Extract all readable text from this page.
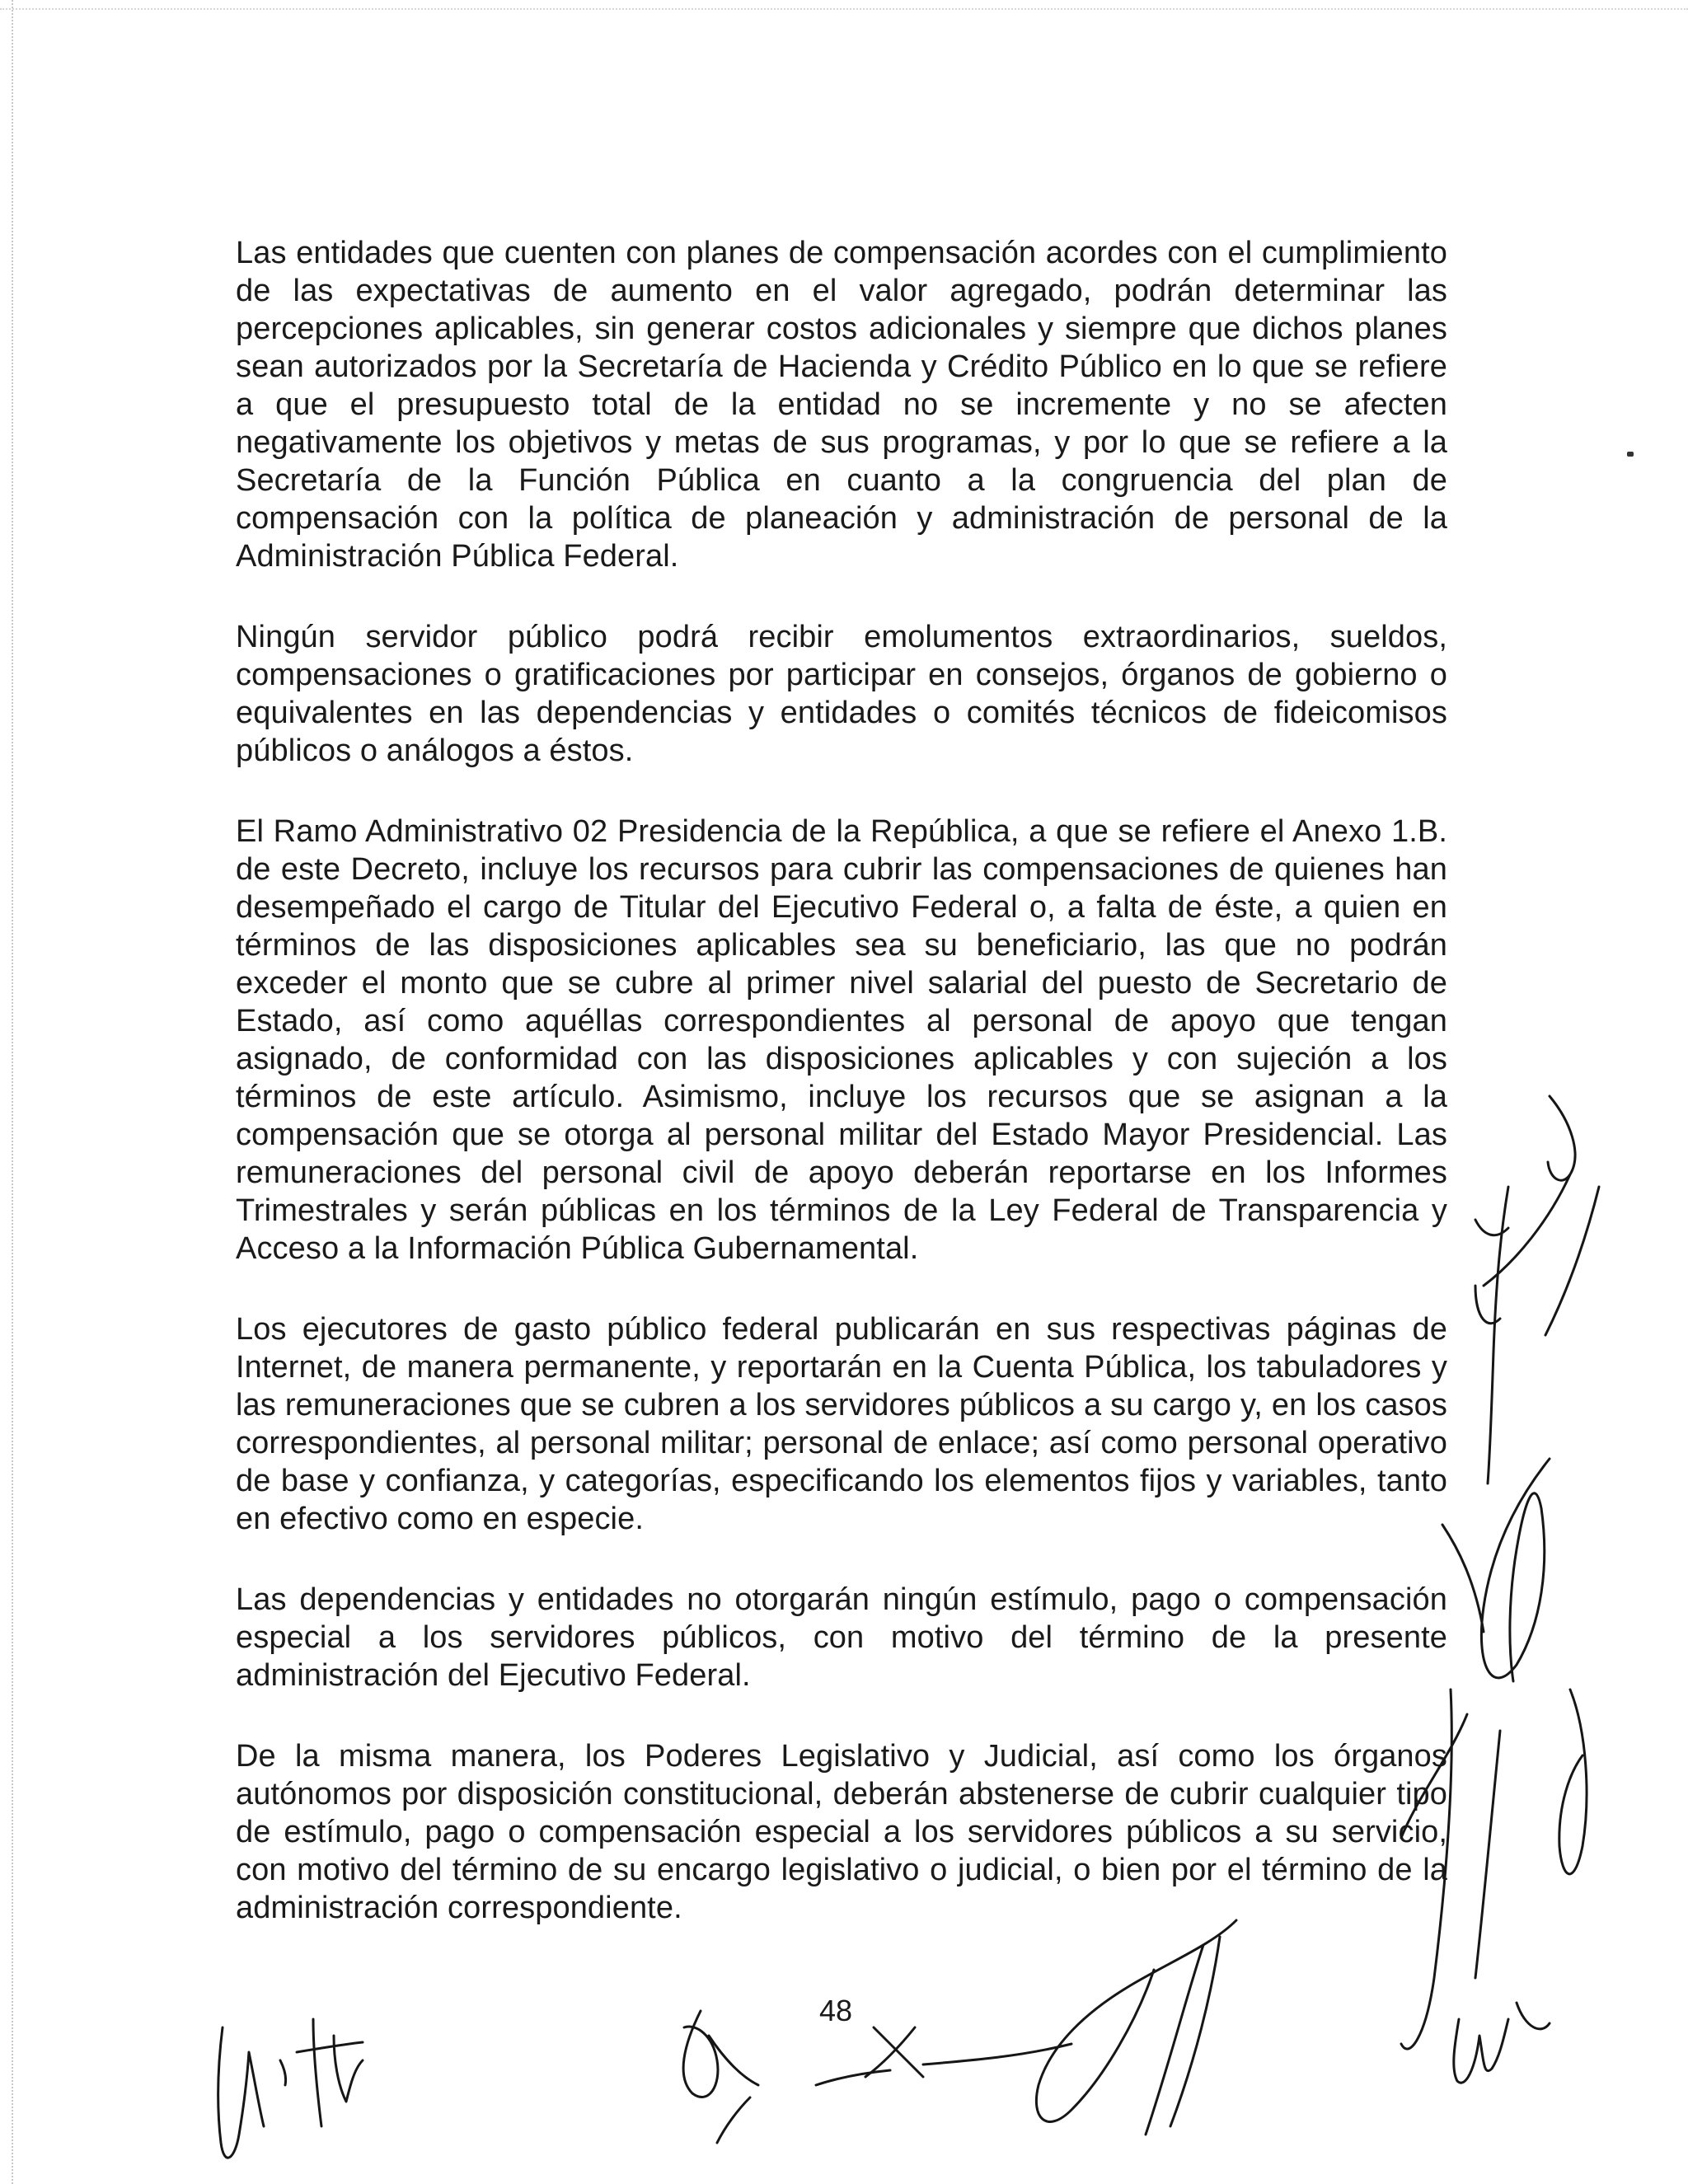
Las entidades que cuenten con planes de compensación acordes con el cumplimiento de las expectativas de aumento en el valor agregado, podrán determinar las percepciones aplicables, sin generar costos adicionales y siempre que dichos planes sean autorizados por la Secretaría de Hacienda y Crédito Público en lo que se refiere a que el presupuesto total de la entidad no se incremente y no se afecten negativamente los objetivos y metas de sus programas, y por lo que se refiere a la Secretaría de la Función Pública en cuanto a la congruencia del plan de compensación con la política de planeación y administración de personal de la Administración Pública Federal.

Ningún servidor público podrá recibir emolumentos extraordinarios, sueldos, compensaciones o gratificaciones por participar en consejos, órganos de gobierno o equivalentes en las dependencias y entidades o comités técnicos de fideicomisos públicos o análogos a éstos.

El Ramo Administrativo 02 Presidencia de la República, a que se refiere el Anexo 1.B. de este Decreto, incluye los recursos para cubrir las compensaciones de quienes han desempeñado el cargo de Titular del Ejecutivo Federal o, a falta de éste, a quien en términos de las disposiciones aplicables sea su beneficiario, las que no podrán exceder el monto que se cubre al primer nivel salarial del puesto de Secretario de Estado, así como aquéllas correspondientes al personal de apoyo que tengan asignado, de conformidad con las disposiciones aplicables y con sujeción a los términos de este artículo. Asimismo, incluye los recursos que se asignan a la compensación que se otorga al personal militar del Estado Mayor Presidencial. Las remuneraciones del personal civil de apoyo deberán reportarse en los Informes Trimestrales y serán públicas en los términos de la Ley Federal de Transparencia y Acceso a la Información Pública Gubernamental.

Los ejecutores de gasto público federal publicarán en sus respectivas páginas de Internet, de manera permanente, y reportarán en la Cuenta Pública, los tabuladores y las remuneraciones que se cubren a los servidores públicos a su cargo y, en los casos correspondientes, al personal militar; personal de enlace; así como personal operativo de base y confianza, y categorías, especificando los elementos fijos y variables, tanto en efectivo como en especie.

Las dependencias y entidades no otorgarán ningún estímulo, pago o compensación especial a los servidores públicos, con motivo del término de la presente administración del Ejecutivo Federal.

De la misma manera, los Poderes Legislativo y Judicial, así como los órganos autónomos por disposición constitucional, deberán abstenerse de cubrir cualquier tipo de estímulo, pago o compensación especial a los servidores públicos a su servicio, con motivo del término de su encargo legislativo o judicial, o bien por el término de la administración correspondiente.

48
